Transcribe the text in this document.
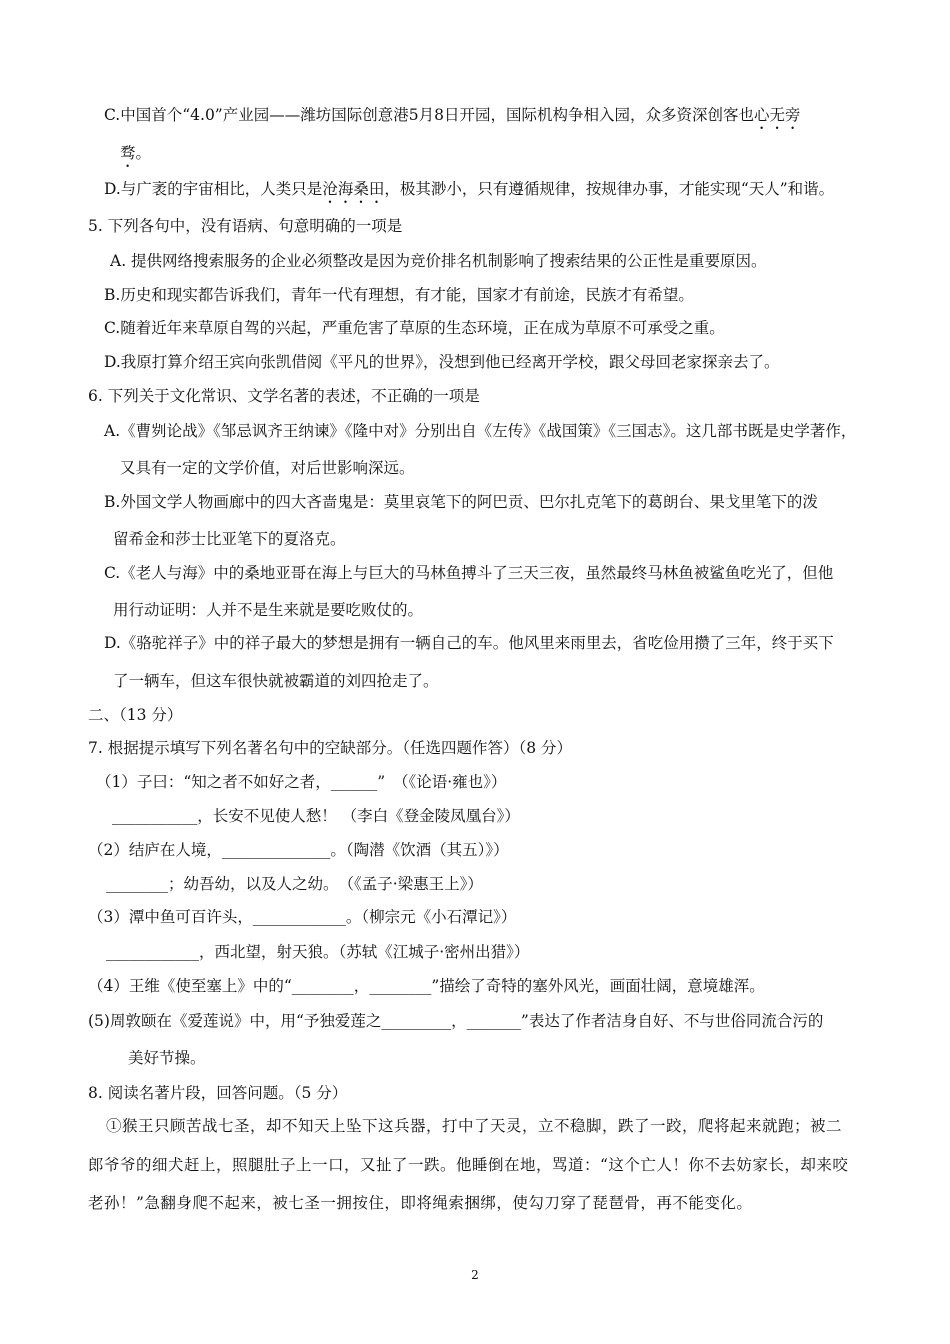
C.中国首个“4.0”产业园——潍坊国际创意港5月8日开园，国际机构争相入园，众多资深创客也心无旁

骛。

D.与广袤的宇宙相比，人类只是沧海桑田，极其渺小，只有遵循规律，按规律办事，才能实现“天人”和谐。

5. 下列各句中，没有语病、句意明确的一项是

A. 提供网络搜索服务的企业必须整改是因为竞价排名机制影响了搜索结果的公正性是重要原因。

B.历史和现实都告诉我们，青年一代有理想，有才能，国家才有前途，民族才有希望。

C.随着近年来草原自驾的兴起，严重危害了草原的生态环境，正在成为草原不可承受之重。

D.我原打算介绍王宾向张凯借阅《平凡的世界》，没想到他已经离开学校，跟父母回老家探亲去了。

6. 下列关于文化常识、文学名著的表述，不正确的一项是

A.《曹刿论战》《邹忌讽齐王纳谏》《隆中对》分别出自《左传》《战国策》《三国志》。这几部书既是史学著作，

又具有一定的文学价值，对后世影响深远。

B.外国文学人物画廊中的四大吝啬鬼是：莫里哀笔下的阿巴贡、巴尔扎克笔下的葛朗台、果戈里笔下的泼

留希金和莎士比亚笔下的夏洛克。

C.《老人与海》中的桑地亚哥在海上与巨大的马林鱼搏斗了三天三夜，虽然最终马林鱼被鲨鱼吃光了，但他

用行动证明：人并不是生来就是要吃败仗的。

D.《骆驼祥子》中的祥子最大的梦想是拥有一辆自己的车。他风里来雨里去，省吃俭用攒了三年，终于买下

了一辆车，但这车很快就被霸道的刘四抢走了。

二、（13 分）

7. 根据提示填写下列名著名句中的空缺部分。（任选四题作答）（8 分）

（1）子曰：“知之者不如好之者，______”　（《论语·雍也》）

___________，长安不见使人愁！ （李白《登金陵凤凰台》）

（2）结庐在人境，______________。（陶潜《饮酒（其五）》）

________；幼吾幼，以及人之幼。　（《孟子·梁惠王上》）

（3）潭中鱼可百许头，____________。（柳宗元《小石潭记》）

____________，西北望，射天狼。（苏轼《江城子·密州出猎》）

（4）王维《使至塞上》中的“________，________”描绘了奇特的塞外风光，画面壮阔，意境雄浑。

(5)周敦颐在《爱莲说》中，用“予独爱莲之_________，_______”表达了作者洁身自好、不与世俗同流合污的

美好节操。

8. 阅读名著片段，回答问题。（5 分）

①猴王只顾苦战七圣，却不知天上坠下这兵器，打中了天灵，立不稳脚，跌了一跤，爬将起来就跑；被二

郎爷爷的细犬赶上，照腿肚子上一口，又扯了一跌。他睡倒在地，骂道：“这个亡人！你不去妨家长，却来咬

老孙！”急翻身爬不起来，被七圣一拥按住，即将绳索捆绑，使勾刀穿了琵琶骨，再不能变化。

2
